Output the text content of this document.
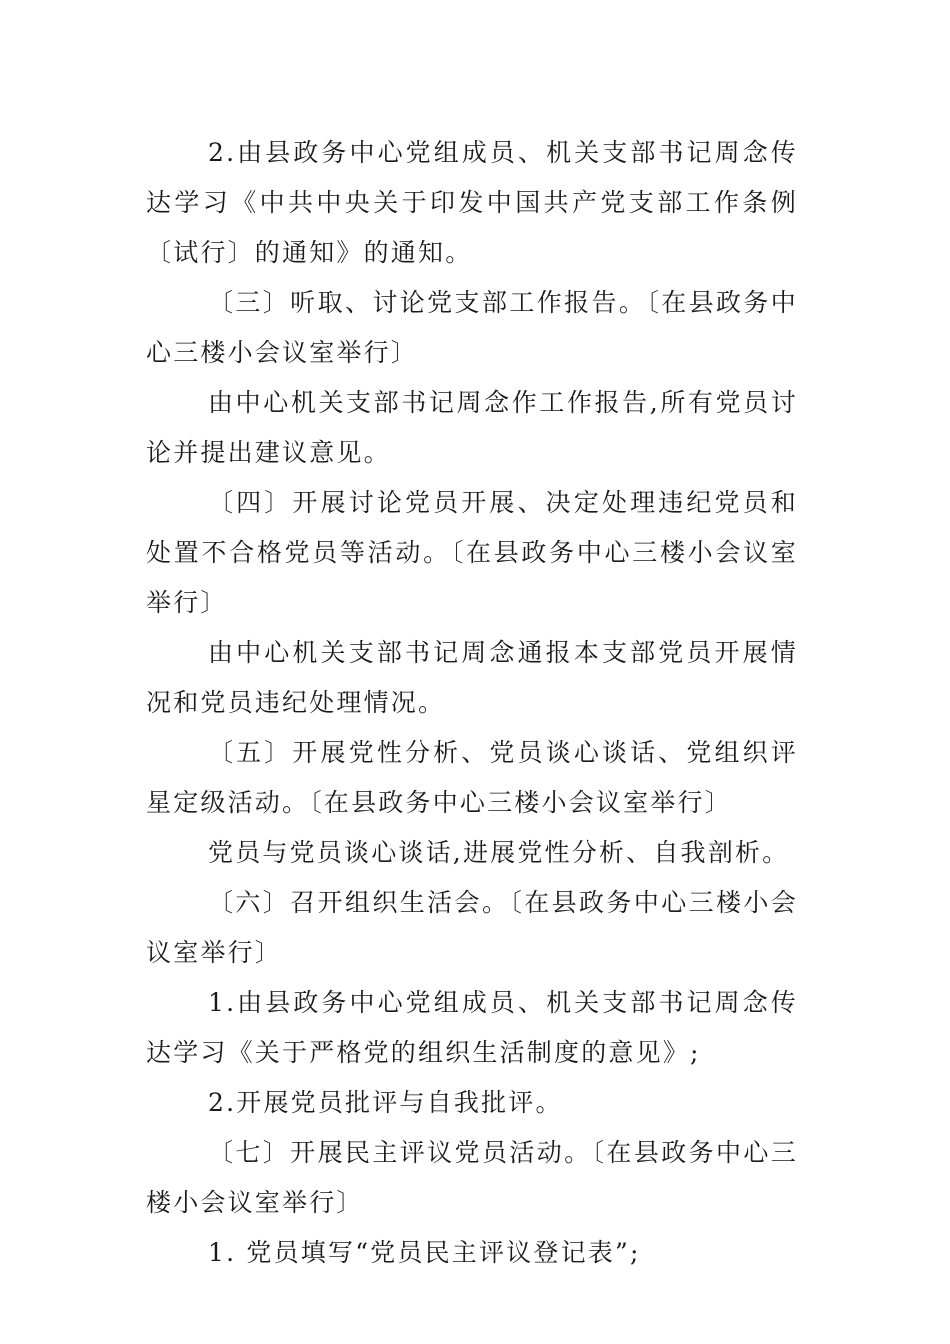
2.由县政务中心党组成员、机关支部书记周念传达学习《中共中央关于印发中国共产党支部工作条例〔试行〕的通知》的通知。

〔三〕听取、讨论党支部工作报告。〔在县政务中心三楼小会议室举行〕

由中心机关支部书记周念作工作报告,所有党员讨论并提出建议意见。

〔四〕开展讨论党员开展、决定处理违纪党员和处置不合格党员等活动。〔在县政务中心三楼小会议室举行〕

由中心机关支部书记周念通报本支部党员开展情况和党员违纪处理情况。

〔五〕开展党性分析、党员谈心谈话、党组织评星定级活动。〔在县政务中心三楼小会议室举行〕

党员与党员谈心谈话,进展党性分析、自我剖析。

〔六〕召开组织生活会。〔在县政务中心三楼小会议室举行〕

1.由县政务中心党组成员、机关支部书记周念传达学习《关于严格党的组织生活制度的意见》;

2.开展党员批评与自我批评。

〔七〕开展民主评议党员活动。〔在县政务中心三楼小会议室举行〕

1. 党员填写“党员民主评议登记表”;
